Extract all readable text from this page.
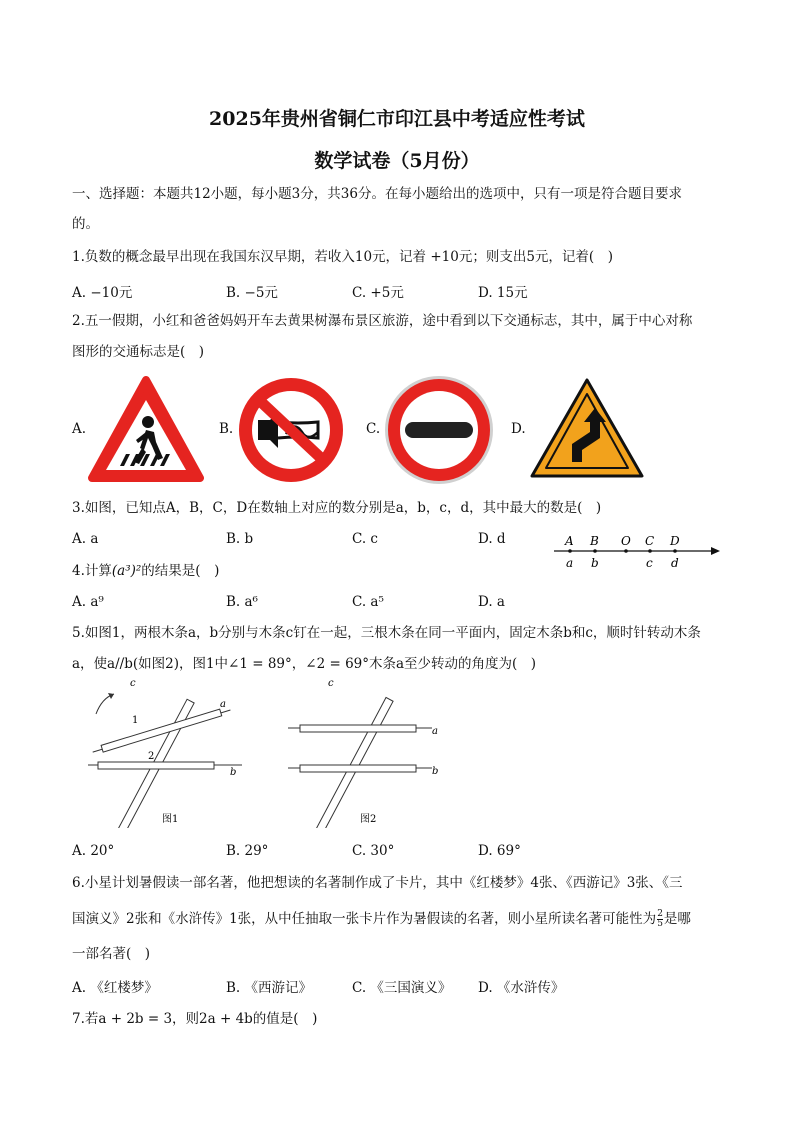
2025年贵州省铜仁市印江县中考适应性考试
数学试卷（5月份）
一、选择题：本题共12小题，每小题3分，共36分。在每小题给出的选项中，只有一项是符合题目要求
的。
1.负数的概念最早出现在我国东汉早期，若收入10元，记着 +10元；则支出5元，记着(　)
A. −10元	B. −5元	C. +5元	D. 15元
2.五一假期，小红和爸爸妈妈开车去黄果树瀑布景区旅游，途中看到以下交通标志，其中，属于中心对称
图形的交通标志是(　)
A.	B.	C.	D.
3.如图，已知点A，B，C，D在数轴上对应的数分别是a，b，c，d，其中最大的数是(　)
A. a	B. b	C. c	D. d	A B O C D
a b	c d
4.计算(a³)²的结果是(　)
A. a⁹	B. a⁶	C. a⁵	D. a
5.如图1，两根木条a，b分别与木条c钉在一起，三根木条在同一平面内，固定木条b和c，顺时针转动木条
a，使a//b(如图2)，图1中∠1 = 89°，∠2 = 69°木条a至少转动的角度为(　)
c
a
b
1
2
图1
c
a
b
图2
A. 20°	B. 29°	C. 30°	D. 69°
6.小星计划暑假读一部名著，他把想读的名著制作成了卡片，其中《红楼梦》4张、《西游记》3张、《三
国演义》2张和《水浒传》1张，从中任抽取一张卡片作为暑假读的名著，则小星所读名著可能性为 $\frac{2}{5}$ 是哪
一部名著(　)
A. 《红楼梦》	B. 《西游记》	C. 《三国演义》 D. 《水浒传》
7.若a + 2b = 3，则2a + 4b的值是(　)
